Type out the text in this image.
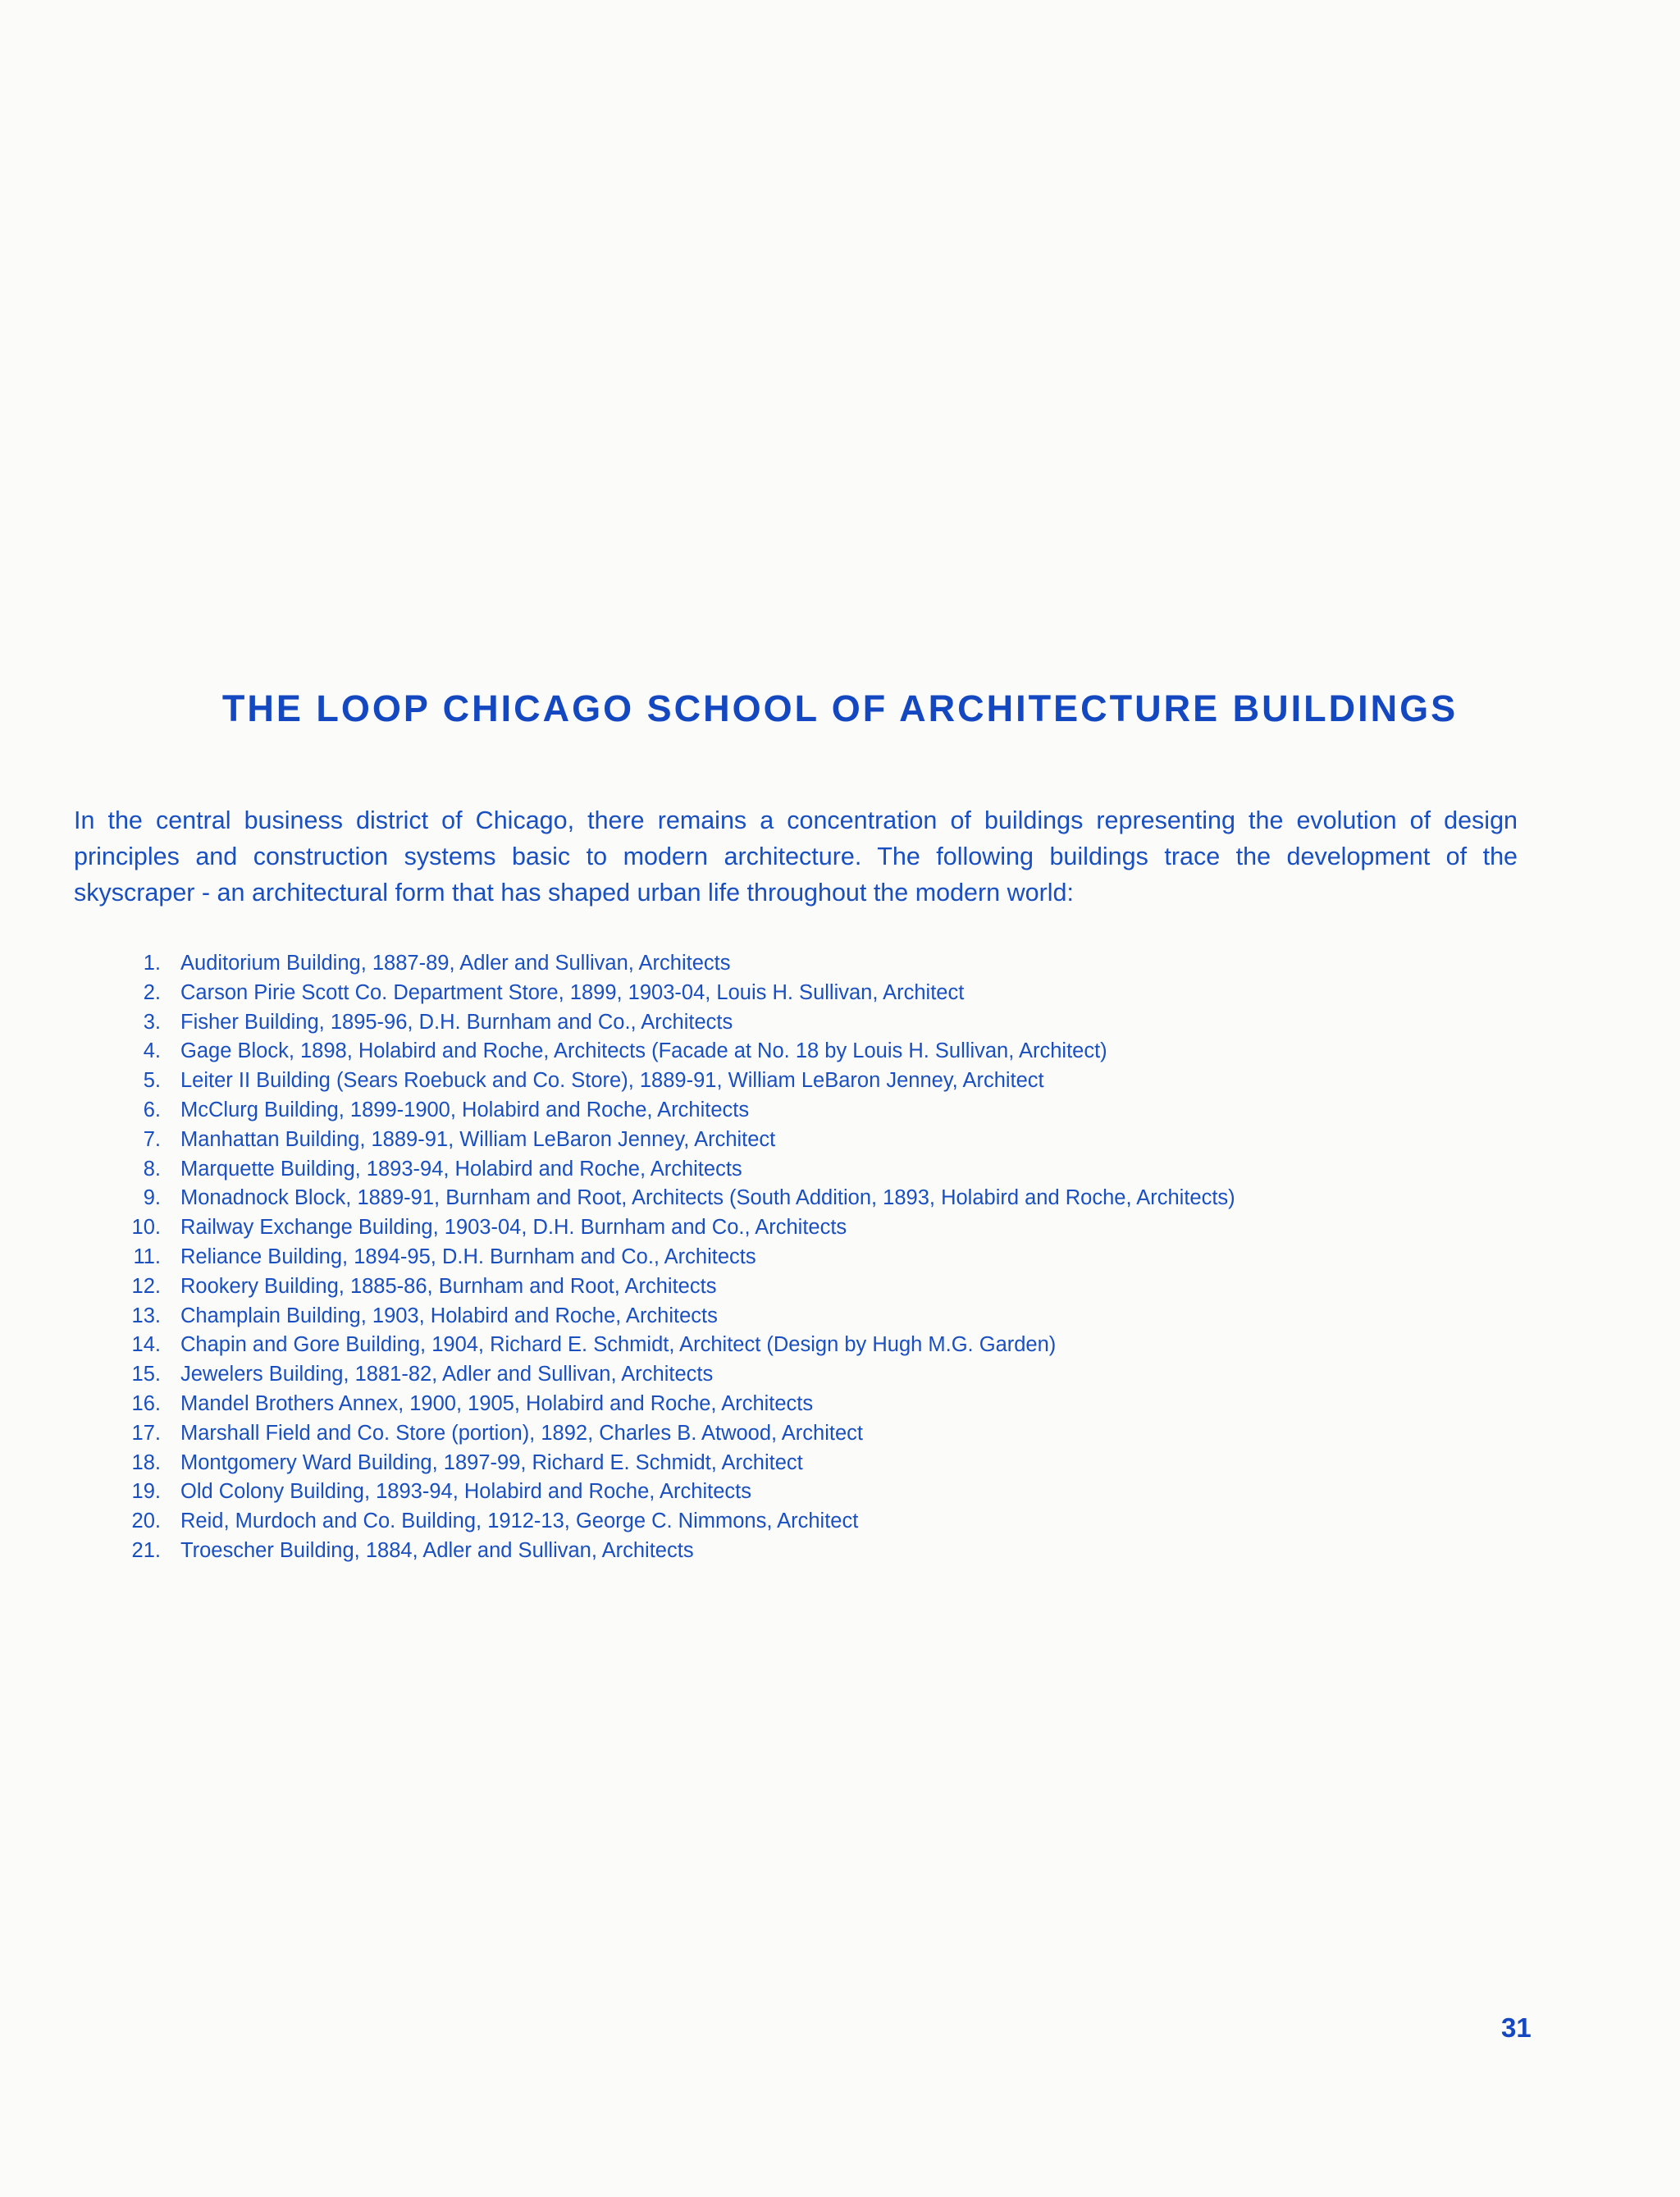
THE LOOP CHICAGO SCHOOL OF ARCHITECTURE BUILDINGS
In the central business district of Chicago, there remains a concentration of buildings representing the evolution of design
principles and construction systems basic to modern architecture. The following buildings trace the development of the
skyscraper - an architectural form that has shaped urban life throughout the modern world:
1. Auditorium Building, 1887-89, Adler and Sullivan, Architects
2. Carson Pirie Scott Co. Department Store, 1899, 1903-04, Louis H. Sullivan, Architect
3. Fisher Building, 1895-96, D.H. Burnham and Co., Architects
4. Gage Block, 1898, Holabird and Roche, Architects (Facade at No. 18 by Louis H. Sullivan, Architect)
5. Leiter II Building (Sears Roebuck and Co. Store), 1889-91, William LeBaron Jenney, Architect
6. McClurg Building, 1899-1900, Holabird and Roche, Architects
7. Manhattan Building, 1889-91, William LeBaron Jenney, Architect
8. Marquette Building, 1893-94, Holabird and Roche, Architects
9. Monadnock Block, 1889-91, Burnham and Root, Architects (South Addition, 1893, Holabird and Roche, Architects)
10. Railway Exchange Building, 1903-04, D.H. Burnham and Co., Architects
11. Reliance Building, 1894-95, D.H. Burnham and Co., Architects
12. Rookery Building, 1885-86, Burnham and Root, Architects
13. Champlain Building, 1903, Holabird and Roche, Architects
14. Chapin and Gore Building, 1904, Richard E. Schmidt, Architect (Design by Hugh M.G. Garden)
15. Jewelers Building, 1881-82, Adler and Sullivan, Architects
16. Mandel Brothers Annex, 1900, 1905, Holabird and Roche, Architects
17. Marshall Field and Co. Store (portion), 1892, Charles B. Atwood, Architect
18. Montgomery Ward Building, 1897-99, Richard E. Schmidt, Architect
19. Old Colony Building, 1893-94, Holabird and Roche, Architects
20. Reid, Murdoch and Co. Building, 1912-13, George C. Nimmons, Architect
21. Troescher Building, 1884, Adler and Sullivan, Architects
31
